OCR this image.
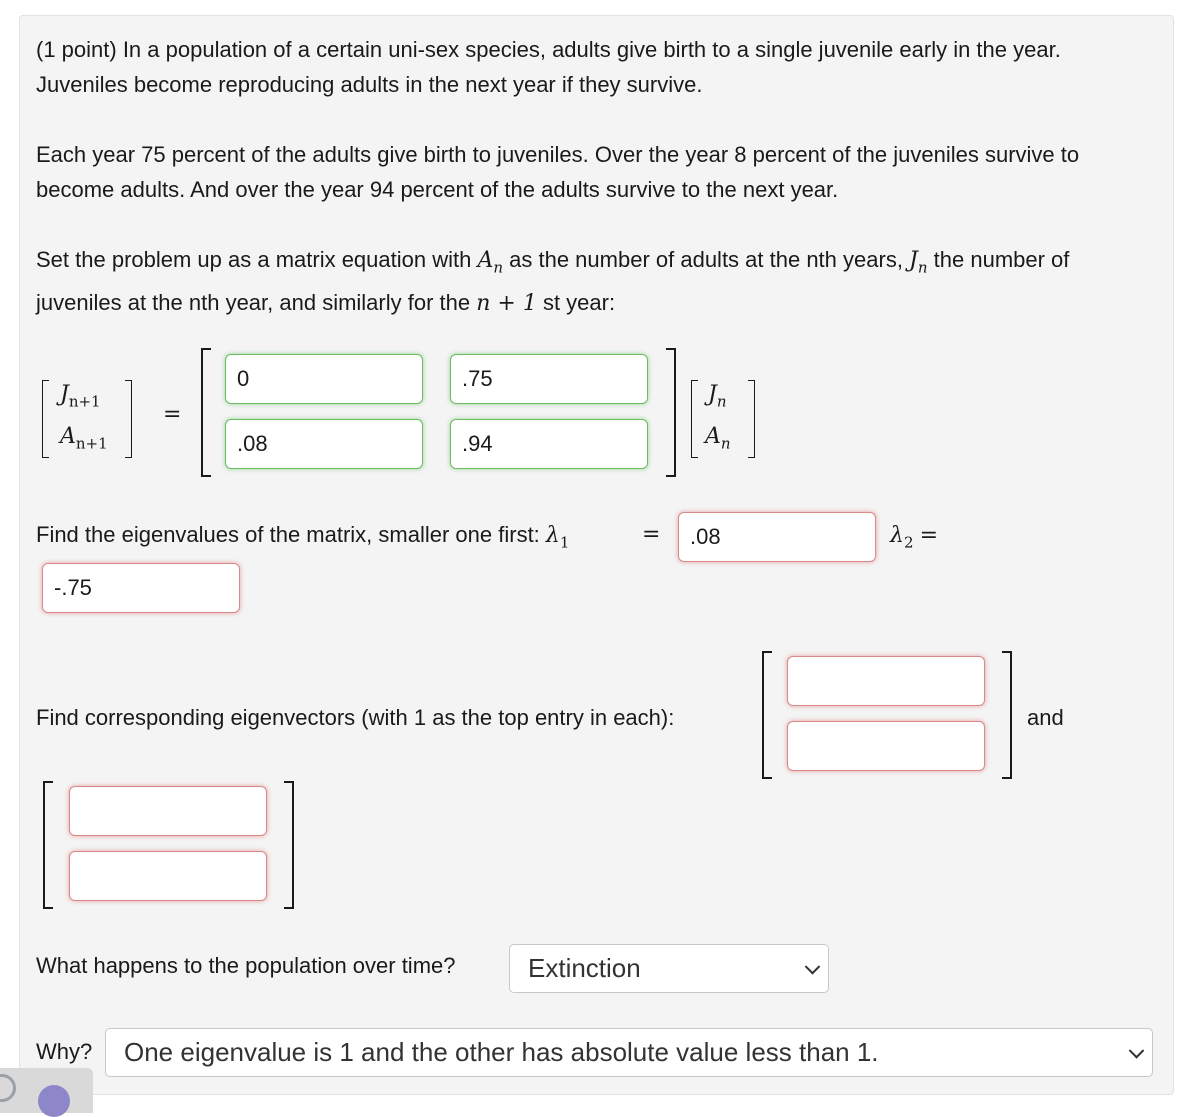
(1 point) In a population of a certain uni-sex species, adults give birth to a single juvenile early in the year. Juveniles become reproducing adults in the next year if they survive.

Each year 75 percent of the adults give birth to juveniles. Over the year 8 percent of the juveniles survive to become adults. And over the year 94 percent of the adults survive to the next year.

Set the problem up as a matrix equation with $A_n$ as the number of adults at the nth years, $J_n$ the number of juveniles at the nth year, and similarly for the n + 1 st year:

$J_{n+1}$
$A_{n+1}$
=
0	.75
.08	.94
$J_n$
$A_n$
Find the eigenvalues of the matrix, smaller one first: $\lambda_1$	=	.08	$\lambda_2$ =
-.75
Find corresponding eigenvectors (with 1 as the top entry in each):	and
What happens to the population over time?	Extinction
Why? One eigenvalue is 1 and the other has absolute value less than 1.
